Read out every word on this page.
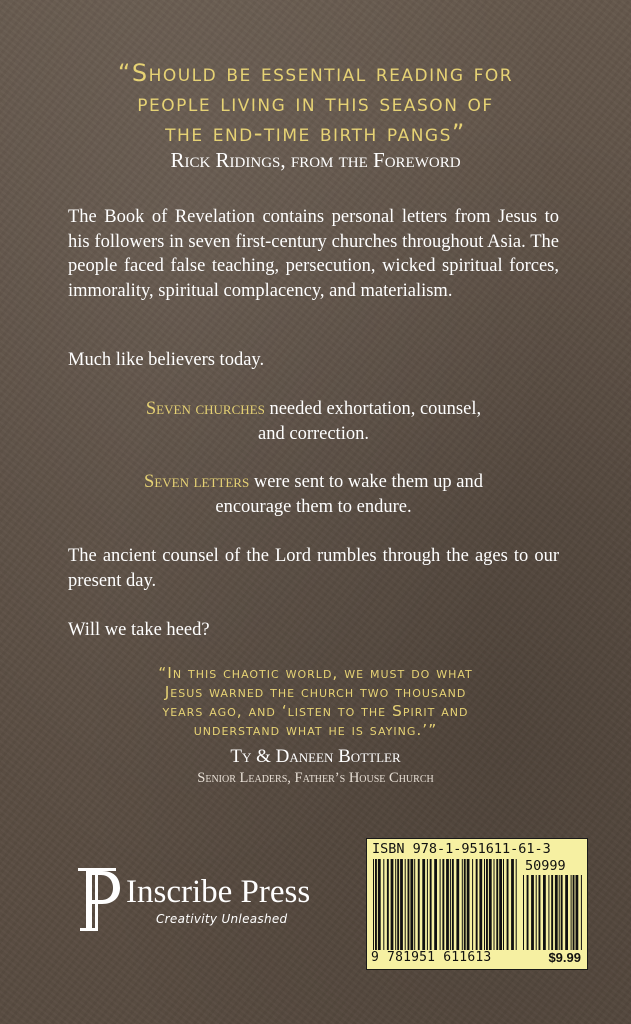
“Should be essential reading for
people living in this season of
the end-time birth pangs”
Rick Ridings, from the Foreword
The Book of Revelation contains personal letters from Jesus to his followers in seven first-century churches throughout Asia. The people faced false teaching, persecution, wicked spiritual forces, immorality, spiritual complacency, and materialism.
Much like believers today.
Seven churches needed exhortation, counsel,
and correction.
Seven letters were sent to wake them up and
encourage them to endure.
The ancient counsel of the Lord rumbles through the ages to our present day.
Will we take heed?
“In this chaotic world, we must do what
Jesus warned the church two thousand
years ago, and ‘listen to the Spirit and
understand what he is saying.’”
Ty & Daneen Bottler
Senior Leaders, Father’s House Church
Inscribe Press
Creativity Unleashed
ISBN 978-1-951611-61-3
50999
9 781951 611613	$9.99
